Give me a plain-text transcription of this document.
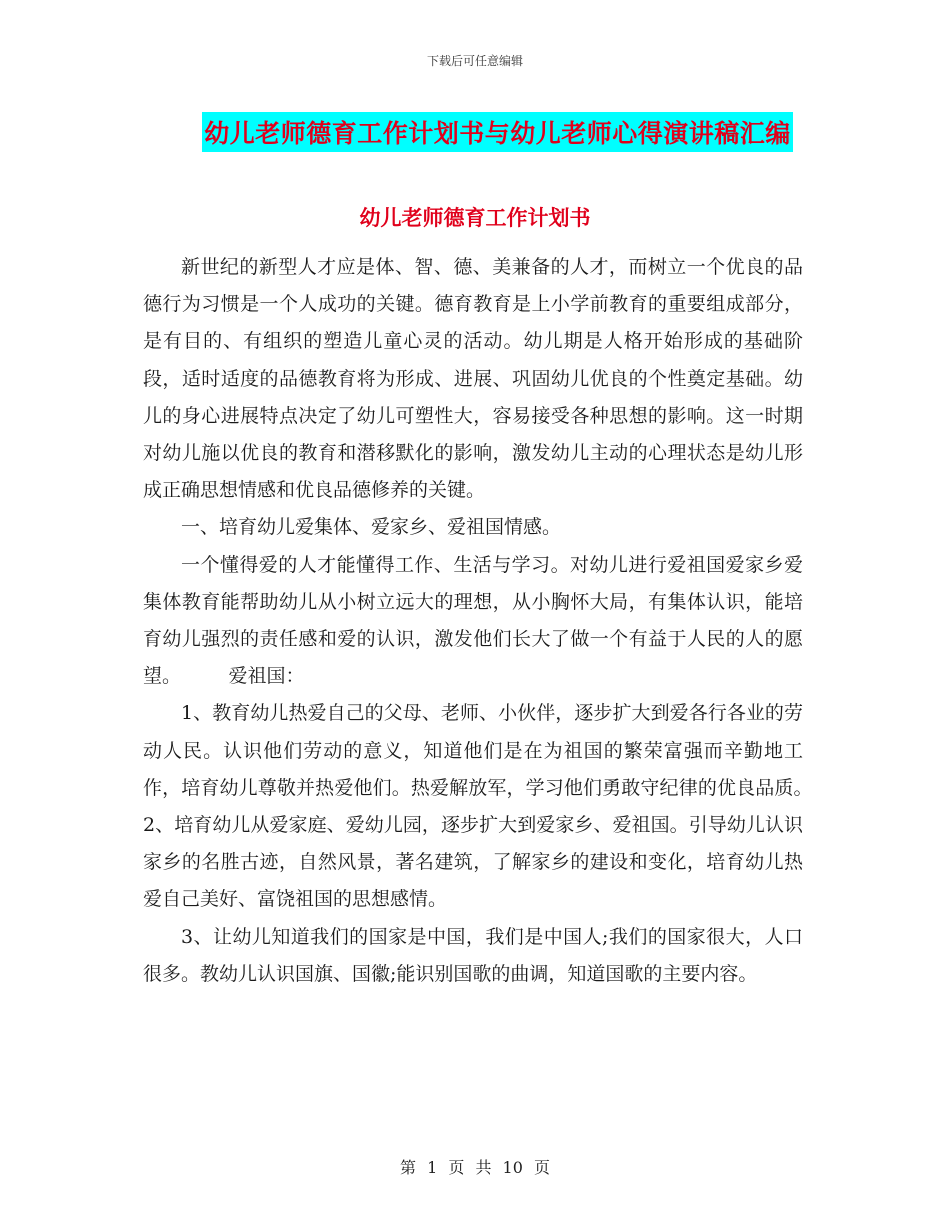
下载后可任意编辑
幼儿老师德育工作计划书与幼儿老师心得演讲稿汇编
幼儿老师德育工作计划书

新世纪的新型人才应是体、智、德、美兼备的人才，而树立一个优良的品德行为习惯是一个人成功的关键。德育教育是上小学前教育的重要组成部分，是有目的、有组织的塑造儿童心灵的活动。幼儿期是人格开始形成的基础阶段，适时适度的品德教育将为形成、进展、巩固幼儿优良的个性奠定基础。幼儿的身心进展特点决定了幼儿可塑性大，容易接受各种思想的影响。这一时期对幼儿施以优良的教育和潜移默化的影响，激发幼儿主动的心理状态是幼儿形成正确思想情感和优良品德修养的关键。

一、培育幼儿爱集体、爱家乡、爱祖国情感。

一个懂得爱的人才能懂得工作、生活与学习。对幼儿进行爱祖国爱家乡爱集体教育能帮助幼儿从小树立远大的理想，从小胸怀大局，有集体认识，能培育幼儿强烈的责任感和爱的认识，激发他们长大了做一个有益于人民的人的愿望。　　　爱祖国：

1、教育幼儿热爱自己的父母、老师、小伙伴，逐步扩大到爱各行各业的劳动人民。认识他们劳动的意义，知道他们是在为祖国的繁荣富强而辛勤地工作，培育幼儿尊敬并热爱他们。热爱解放军，学习他们勇敢守纪律的优良品质。　　　2、培育幼儿从爱家庭、爱幼儿园，逐步扩大到爱家乡、爱祖国。引导幼儿认识家乡的名胜古迹，自然风景，著名建筑，了解家乡的建设和变化，培育幼儿热爱自己美好、富饶祖国的思想感情。

3、让幼儿知道我们的国家是中国，我们是中国人;我们的国家很大，人口很多。教幼儿认识国旗、国徽;能识别国歌的曲调，知道国歌的主要内容。

第 1 页 共 10 页
